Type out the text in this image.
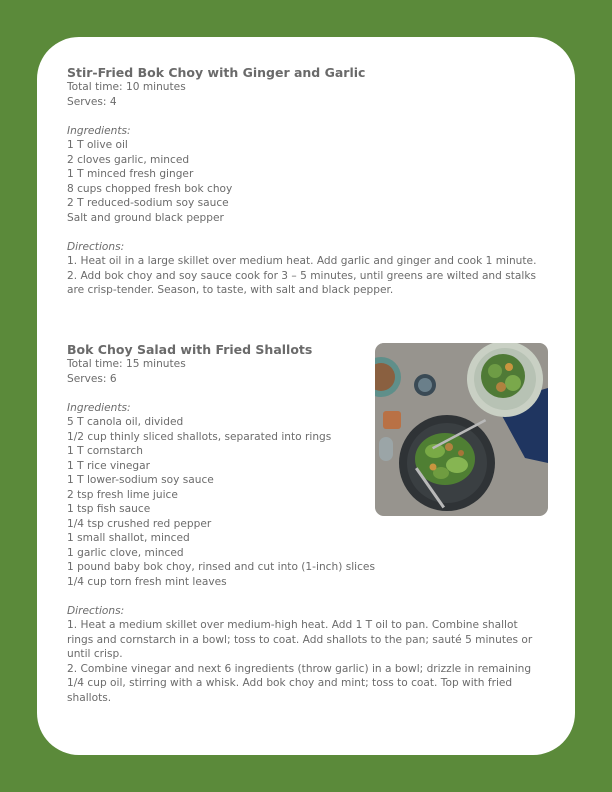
Stir-Fried Bok Choy with Ginger and Garlic

Total time: 10 minutes

Serves: 4

Ingredients:

1 T olive oil
2 cloves garlic, minced
1 T minced fresh ginger
8 cups chopped fresh bok choy
2 T reduced-sodium soy sauce
Salt and ground black pepper

Directions:

1. Heat oil in a large skillet over medium heat. Add garlic and ginger and cook 1 minute.

2. Add bok choy and soy sauce cook for 3 – 5 minutes, until greens are wilted and stalks are crisp-tender. Season, to taste, with salt and black pepper.

Bok Choy Salad with Fried Shallots

Total time: 15 minutes

Serves: 6

Ingredients:

5 T canola oil, divided
1/2 cup thinly sliced shallots, separated into rings
1 T cornstarch
1 T rice vinegar
1 T lower-sodium soy sauce
2 tsp fresh lime juice
1 tsp fish sauce
1/4 tsp crushed red pepper
1 small shallot, minced
1 garlic clove, minced
1 pound baby bok choy, rinsed and cut into (1-inch) slices
1/4 cup torn fresh mint leaves

Directions:

1. Heat a medium skillet over medium-high heat. Add 1 T oil to pan. Combine shallot rings and cornstarch in a bowl; toss to coat. Add shallots to the pan; sauté 5 minutes or until crisp.

2. Combine vinegar and next 6 ingredients (throw garlic) in a bowl; drizzle in remaining 1/4 cup oil, stirring with a whisk. Add bok choy and mint; toss to coat. Top with fried shallots.
